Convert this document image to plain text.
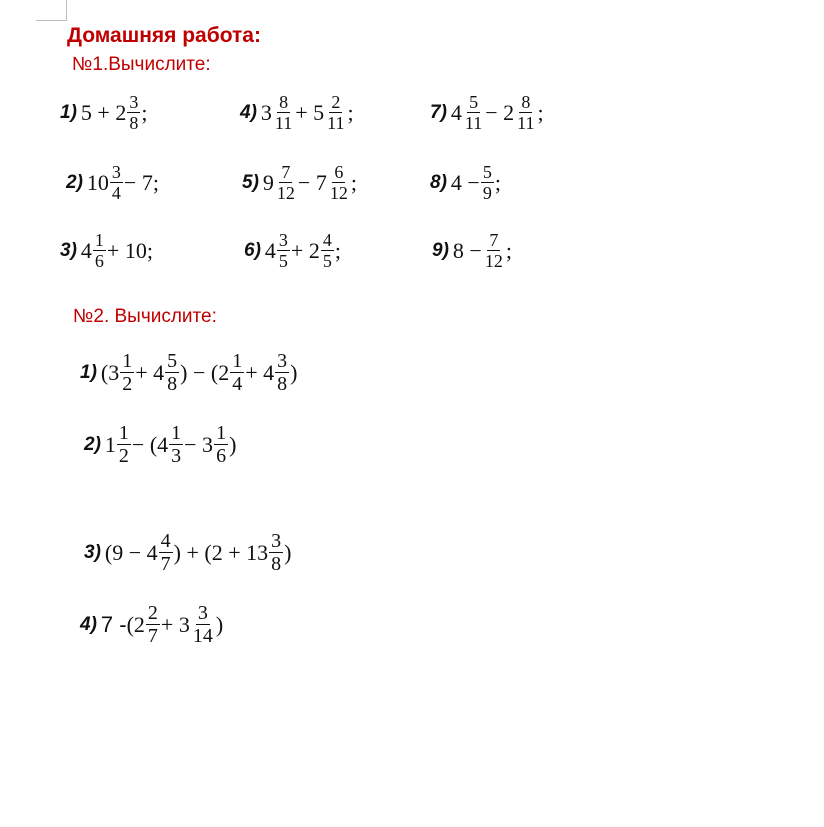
Домашняя работа:
№1.Вычислите:
1) $5 + 2 \frac{3}{8}$ ;	4) $3 \frac{8}{11} + 5 \frac{2}{11}$ ;	7) $4 \frac{5}{11} - 2 \frac{8}{11}$ ;
2) $10 \frac{3}{4} - 7$;	5) $9 \frac{7}{12} - 7 \frac{6}{12}$ ;	8) $4 - \frac{5}{9}$ ;
3) $4 \frac{1}{6} + 10$;	6) $4 \frac{3}{5} + 2 \frac{4}{5}$ ;	9) $8 - \frac{7}{12}$ ;
№2. Вычислите:
1) ($3 \frac{1}{2} + 4 \frac{5}{8}$ ) − ($2 \frac{1}{4} + 4 \frac{3}{8}$ )
2) $1 \frac{1}{2} - (4 \frac{1}{3} - 3 \frac{1}{6}$ )
3) ($9 - 4 \frac{4}{7}$ ) + ($2 + 13 \frac{3}{8}$ )
4) $7 - (2 \frac{2}{7} + 3 \frac{3}{14}$ )
